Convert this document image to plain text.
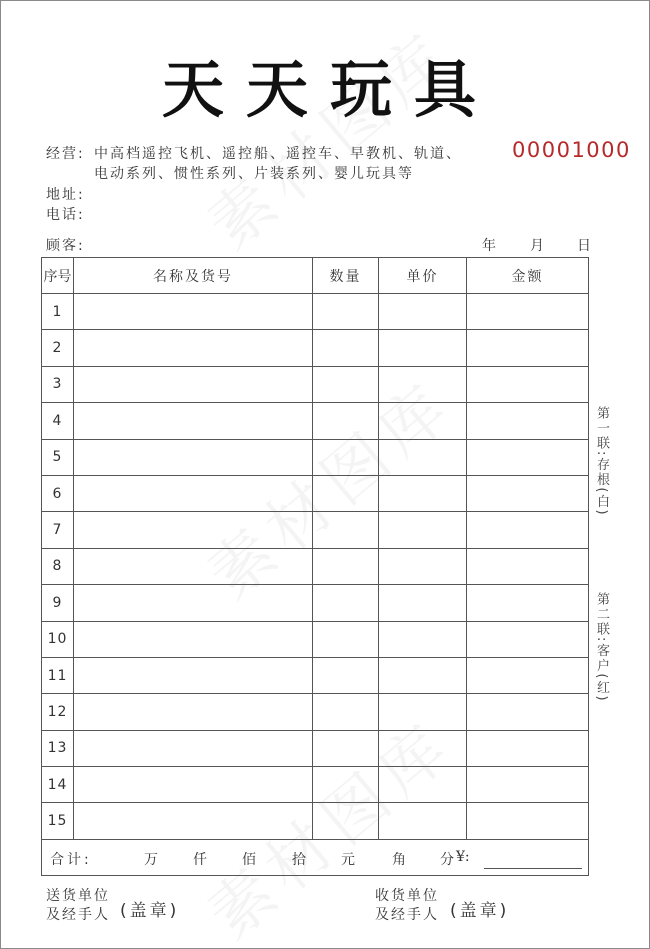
天天玩具
经营: 中高档遥控飞机、遥控船、遥控车、早教机、轨道、
电动系列、惯性系列、片装系列、婴儿玩具等
00001000
地址:
电话:
顾客:	年 月 日
序号	名称及货号	数量	单价	金额
1				
2				
3				
4				
5				
6				
7				
8				
9				
10				
11				
12				
13				
14				
15				

合计:	万	仟	佰	拾	元	角 分 ¥:
第一联:存根(白)
第二联:客户(红)
送货单位
及经手人 (盖章)
收货单位
及经手人 (盖章)
